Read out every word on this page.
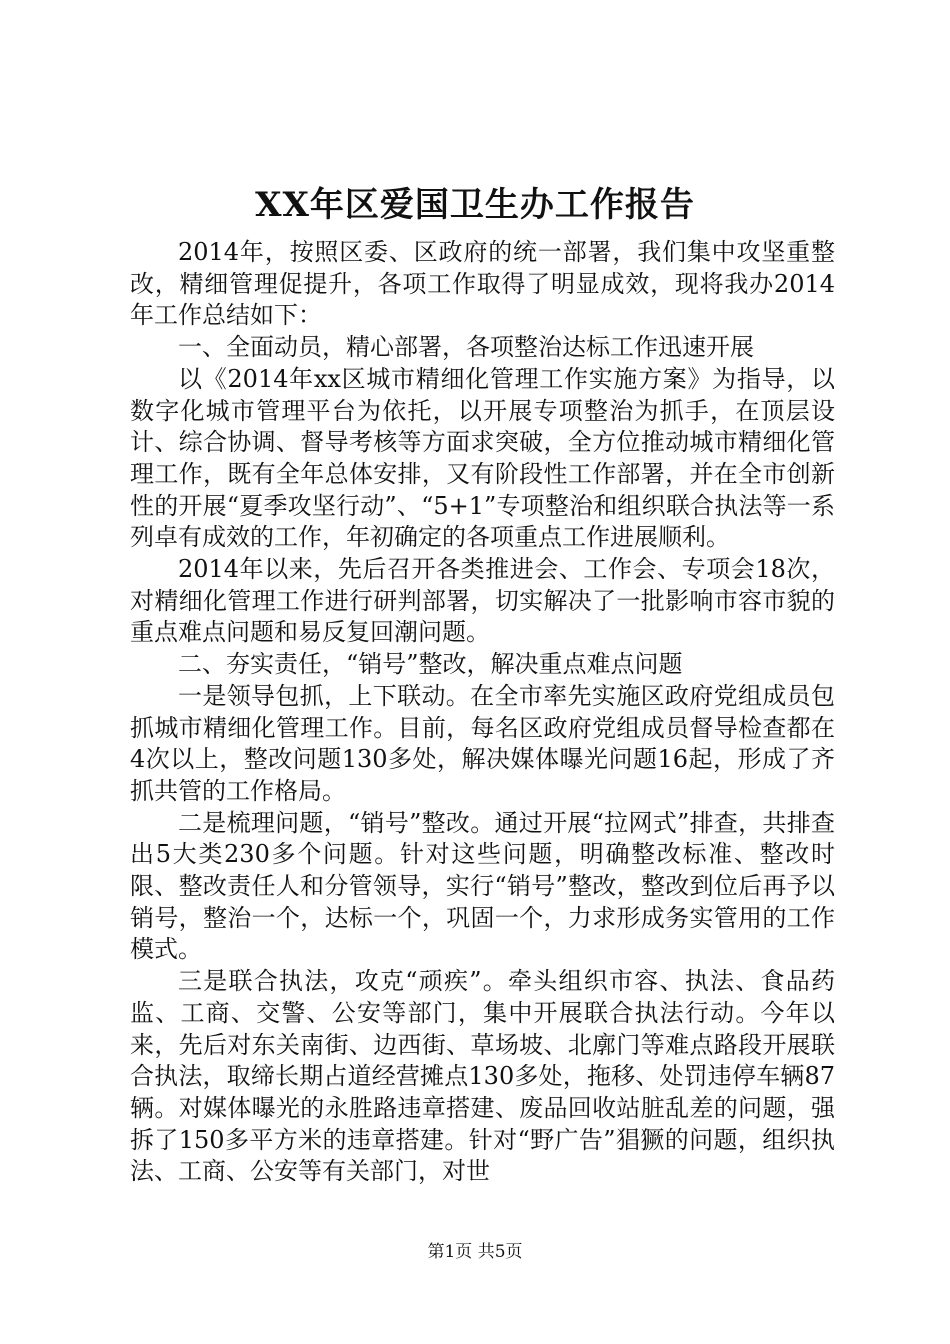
XX年区爱国卫生办工作报告

2014年，按照区委、区政府的统一部署，我们集中攻坚重整改，精细管理促提升，各项工作取得了明显成效，现将我办2014年工作总结如下：

一、全面动员，精心部署，各项整治达标工作迅速开展

以《2014年xx区城市精细化管理工作实施方案》为指导，以数字化城市管理平台为依托，以开展专项整治为抓手，在顶层设计、综合协调、督导考核等方面求突破，全方位推动城市精细化管理工作，既有全年总体安排，又有阶段性工作部署，并在全市创新性的开展“夏季攻坚行动”、“5+1”专项整治和组织联合执法等一系列卓有成效的工作，年初确定的各项重点工作进展顺利。

2014年以来，先后召开各类推进会、工作会、专项会18次，对精细化管理工作进行研判部署，切实解决了一批影响市容市貌的重点难点问题和易反复回潮问题。

二、夯实责任，“销号”整改，解决重点难点问题

一是领导包抓，上下联动。在全市率先实施区政府党组成员包抓城市精细化管理工作。目前，每名区政府党组成员督导检查都在4次以上，整改问题130多处，解决媒体曝光问题16起，形成了齐抓共管的工作格局。

二是梳理问题，“销号”整改。通过开展“拉网式”排查，共排查出5大类230多个问题。针对这些问题，明确整改标准、整改时限、整改责任人和分管领导，实行“销号”整改，整改到位后再予以销号，整治一个，达标一个，巩固一个，力求形成务实管用的工作模式。

三是联合执法，攻克“顽疾”。牵头组织市容、执法、食品药监、工商、交警、公安等部门，集中开展联合执法行动。今年以来，先后对东关南街、边西街、草场坡、北廓门等难点路段开展联合执法，取缔长期占道经营摊点130多处，拖移、处罚违停车辆87辆。对媒体曝光的永胜路违章搭建、废品回收站脏乱差的问题，强拆了150多平方米的违章搭建。针对“野广告”猖獗的问题，组织执法、工商、公安等有关部门，对世

第1页 共5页
